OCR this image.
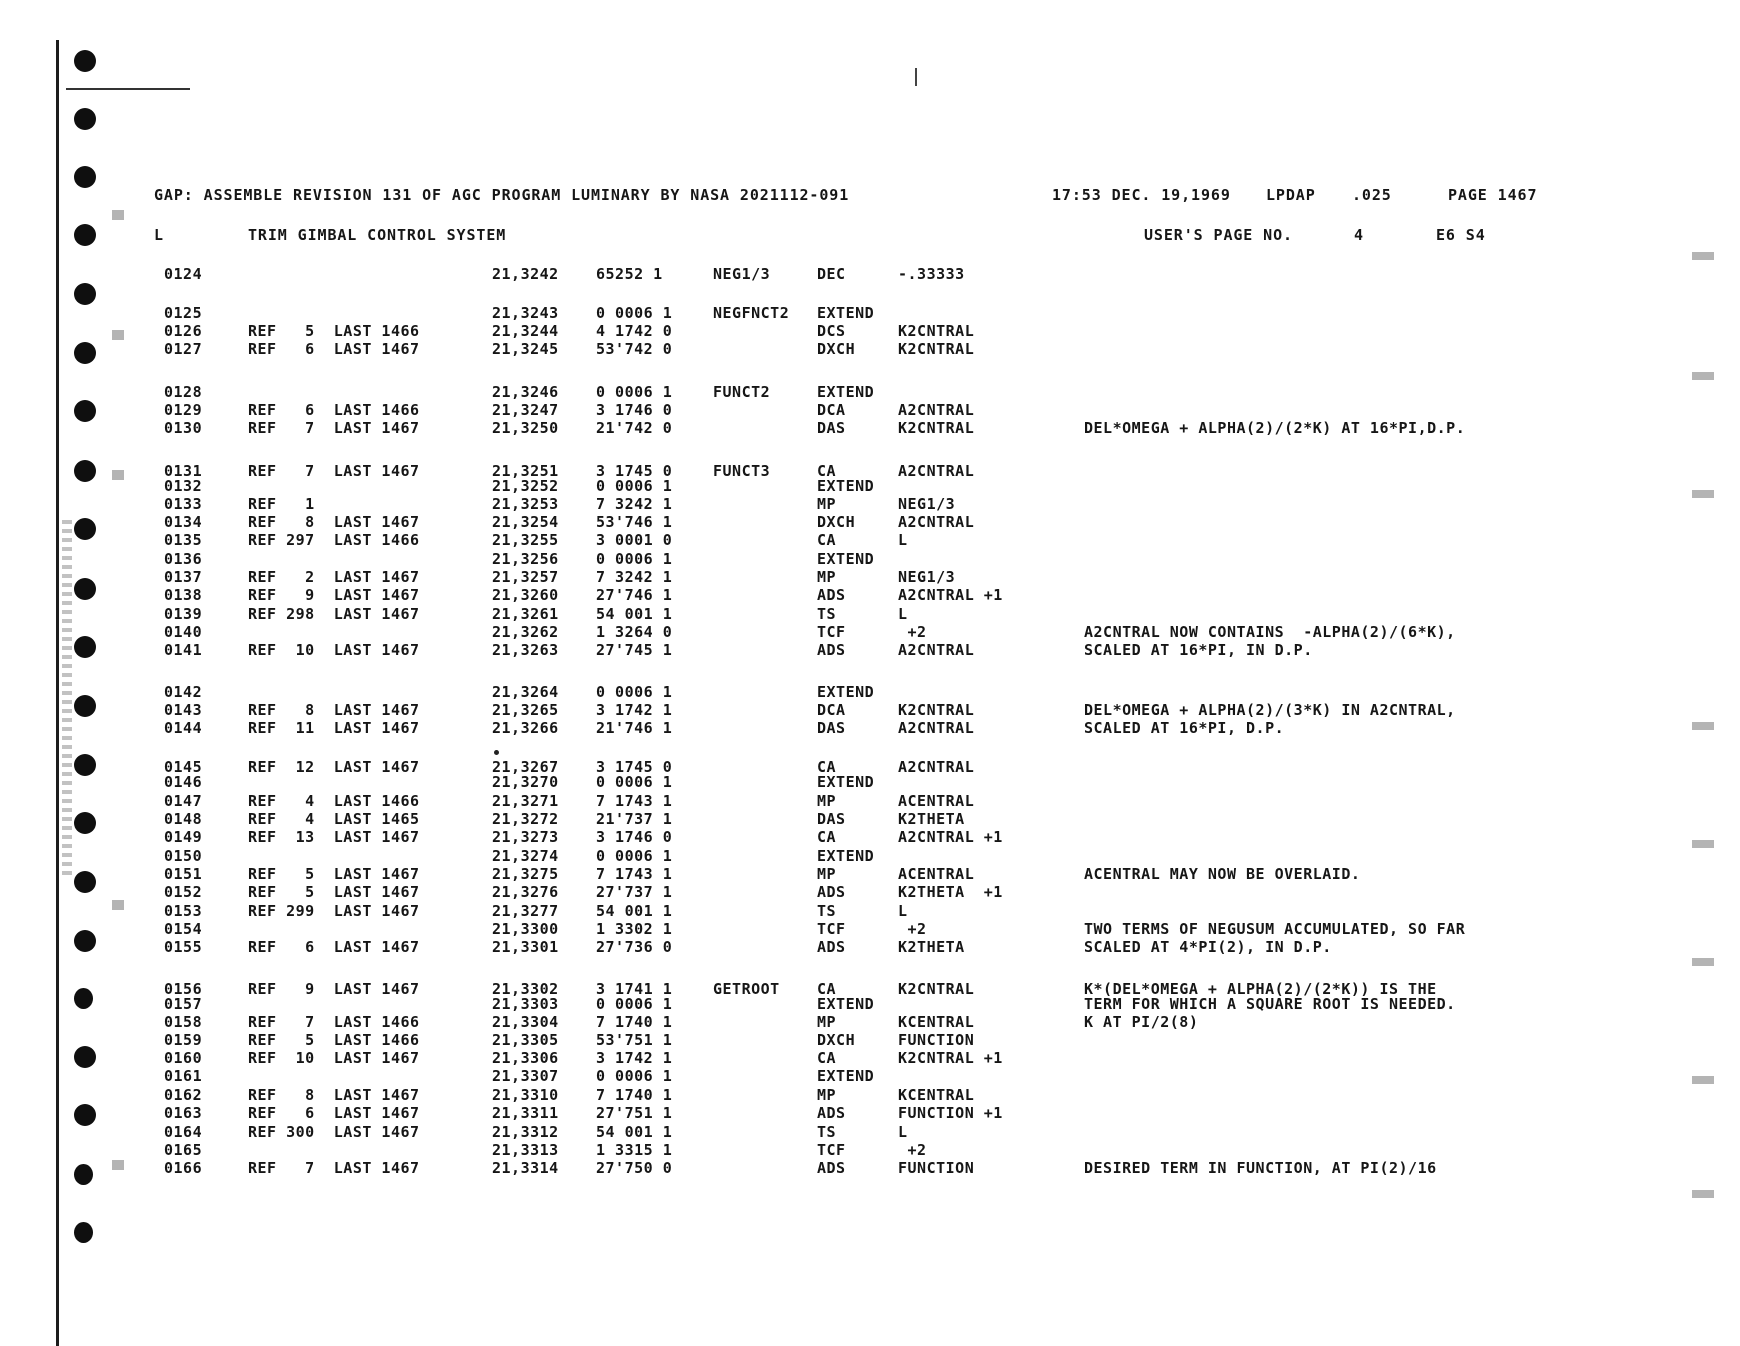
GAP: ASSEMBLE REVISION 131 OF AGC PROGRAM LUMINARY BY NASA 2021112-091	17:53 DEC. 19,1969 LPDAP .025	PAGE 1467
L	TRIM GIMBAL CONTROL SYSTEM	USER'S PAGE NO.	4	E6 S4
0124	21,3242 65252 1	NEG1/3	DEC	-.33333
0125	21,3243 0 0006 1	NEGFNCT2 EXTEND
0126	REF   5  LAST 1466	21,3244 4 1742 0	DCS	K2CNTRAL
0127	REF   6  LAST 1467	21,3245 53'742 0	DXCH	K2CNTRAL
0128	21,3246 0 0006 1	FUNCT2	EXTEND
0129	REF   6  LAST 1466	21,3247 3 1746 0	DCA	A2CNTRAL
0130	REF   7  LAST 1467	21,3250 21'742 0	DAS	K2CNTRAL	DEL*OMEGA + ALPHA(2)/(2*K) AT 16*PI,D.P.
0131	REF   7  LAST 1467	21,3251 3 1745 0	FUNCT3	CA	A2CNTRAL
0132	21,3252 0 0006 1	EXTEND
0133	REF   1	21,3253 7 3242 1	MP	NEG1/3
0134	REF   8  LAST 1467	21,3254 53'746 1	DXCH	A2CNTRAL
0135	REF 297  LAST 1466	21,3255 3 0001 0	CA	L
0136	21,3256 0 0006 1	EXTEND
0137	REF   2  LAST 1467	21,3257 7 3242 1	MP	NEG1/3
0138	REF   9  LAST 1467	21,3260 27'746 1	ADS	A2CNTRAL +1
0139	REF 298  LAST 1467	21,3261 54 001 1	TS	L
0140	21,3262 1 3264 0	TCF	+2	A2CNTRAL NOW CONTAINS  -ALPHA(2)/(6*K),
0141	REF  10  LAST 1467	21,3263 27'745 1	ADS	A2CNTRAL	SCALED AT 16*PI, IN D.P.
0142	21,3264 0 0006 1	EXTEND
0143	REF   8  LAST 1467	21,3265 3 1742 1	DCA	K2CNTRAL	DEL*OMEGA + ALPHA(2)/(3*K) IN A2CNTRAL,
0144	REF  11  LAST 1467	21,3266 21'746 1	DAS	A2CNTRAL	SCALED AT 16*PI, D.P.
0145	REF  12  LAST 1467	21,3267 3 1745 0	CA	A2CNTRAL
0146	21,3270 0 0006 1	EXTEND
0147	REF   4  LAST 1466	21,3271 7 1743 1	MP	ACENTRAL
0148	REF   4  LAST 1465	21,3272 21'737 1	DAS	K2THETA
0149	REF  13  LAST 1467	21,3273 3 1746 0	CA	A2CNTRAL +1
0150	21,3274 0 0006 1	EXTEND
0151	REF   5  LAST 1467	21,3275 7 1743 1	MP	ACENTRAL	ACENTRAL MAY NOW BE OVERLAID.
0152	REF   5  LAST 1467	21,3276 27'737 1	ADS	K2THETA  +1
0153	REF 299  LAST 1467	21,3277 54 001 1	TS	L
0154	21,3300 1 3302 1	TCF	+2	TWO TERMS OF NEGUSUM ACCUMULATED, SO FAR
0155	REF   6  LAST 1467	21,3301 27'736 0	ADS	K2THETA	SCALED AT 4*PI(2), IN D.P.
0156	REF   9  LAST 1467	21,3302 3 1741 1	GETROOT CA	K2CNTRAL	K*(DEL*OMEGA + ALPHA(2)/(2*K)) IS THE
0157	21,3303 0 0006 1	EXTEND	TERM FOR WHICH A SQUARE ROOT IS NEEDED.
0158	REF   7  LAST 1466	21,3304 7 1740 1	MP	KCENTRAL	K AT PI/2(8)
0159	REF   5  LAST 1466	21,3305 53'751 1	DXCH	FUNCTION
0160	REF  10  LAST 1467	21,3306 3 1742 1	CA	K2CNTRAL +1
0161	21,3307 0 0006 1	EXTEND
0162	REF   8  LAST 1467	21,3310 7 1740 1	MP	KCENTRAL
0163	REF   6  LAST 1467	21,3311 27'751 1	ADS	FUNCTION +1
0164	REF 300  LAST 1467	21,3312 54 001 1	TS	L
0165	21,3313 1 3315 1	TCF	+2
0166	REF   7  LAST 1467	21,3314 27'750 0	ADS	FUNCTION	DESIRED TERM IN FUNCTION, AT PI(2)/16
